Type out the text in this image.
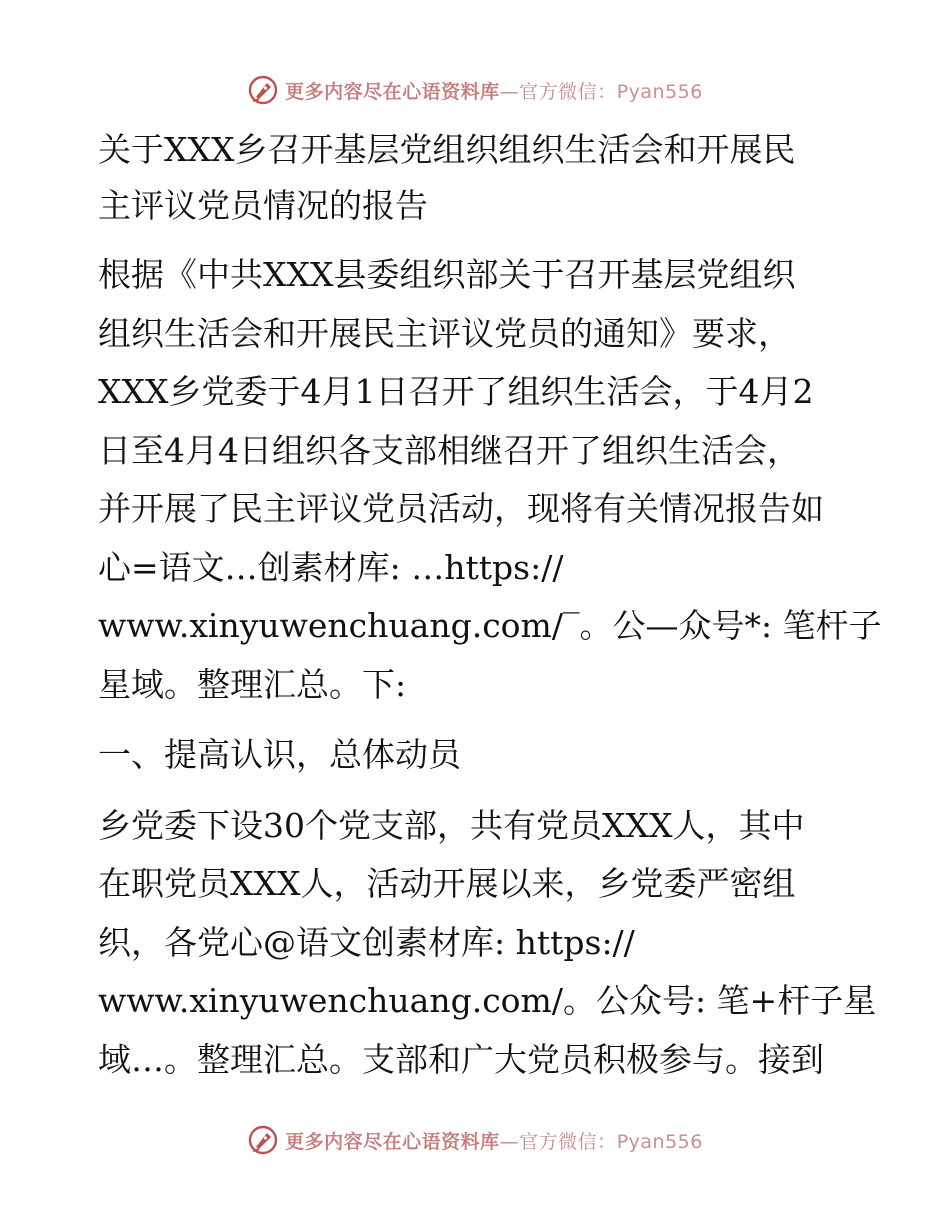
更多内容尽在心语资料库—官方微信：Pyan556
关于XXX乡召开基层党组织组织生活会和开展民
主评议党员情况的报告
根据《中共XXX县委组织部关于召开基层党组织
组织生活会和开展民主评议党员的通知》要求，
XXX乡党委于4月1日召开了组织生活会，于4月2
日至4月4日组织各支部相继召开了组织生活会，
并开展了民主评议党员活动，现将有关情况报告如
心=语文…创素材库: …https://
www.xinyuwenchuang.com/‾。公—众号*: 笔杆子
星域。整理汇总。下:
一、提高认识，总体动员
乡党委下设30个党支部，共有党员XXX人，其中
在职党员XXX人，活动开展以来，乡党委严密组
织，各党心@语文创素材库: https://
www.xinyuwenchuang.com/。公众号: 笔+杆子星
域…。整理汇总。支部和广大党员积极参与。接到
更多内容尽在心语资料库—官方微信：Pyan556
